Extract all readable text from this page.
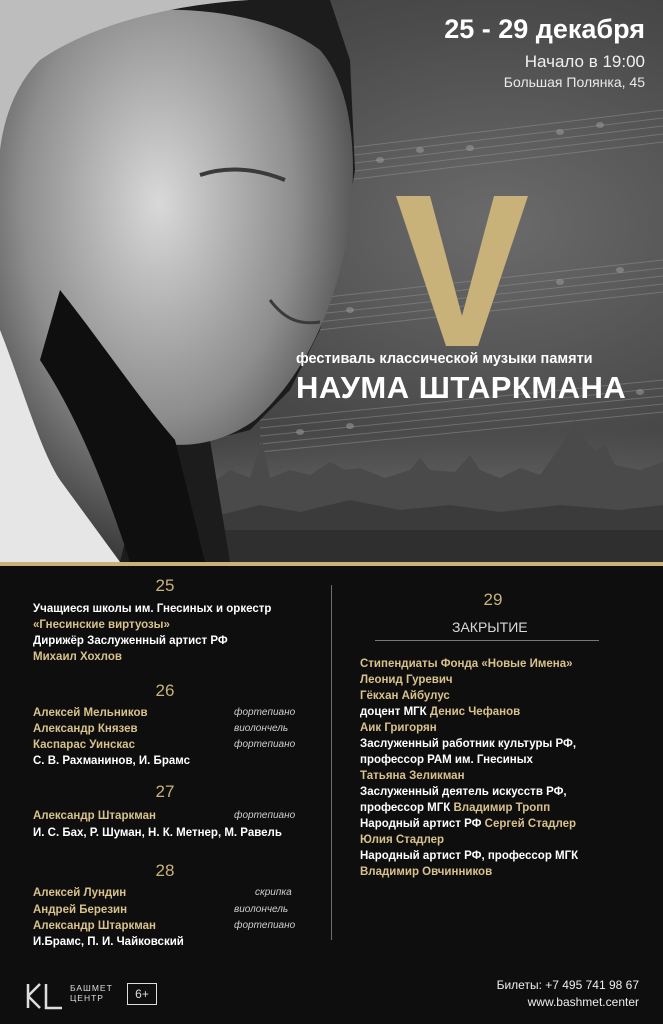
25 - 29 декабря
Начало в 19:00
Большая Полянка, 45
фестиваль классической музыки памяти
НАУМА ШТАРКМАНА
25
Учащиеся школы им. Гнесиных и оркестр
«Гнесинские виртуозы»
Дирижёр Заслуженный артист РФ
Михаил Хохлов
26
Алексей Мельников	фортепиано
Александр Князев	виолончель
Каспарас Уинскас	фортепиано
С. В. Рахманинов, И. Брамс
27
Александр Штаркман	фортепиано
И. С. Бах, Р. Шуман, Н. К. Метнер, М. Равель
28
Алексей Лундин	скрипка
Андрей Березин	виолончель
Александр Штаркман	фортепиано
И.Брамс, П. И. Чайковский
29
ЗАКРЫТИЕ
Стипендиаты Фонда «Новые Имена»
Леонид Гуревич
Гёкхан Айбулус
доцент МГК Денис Чефанов
Аик Григорян
Заслуженный работник культуры РФ,
профессор РАМ им. Гнесиных
Татьяна Зеликман
Заслуженный деятель искусств РФ,
профессор МГК Владимир Тропп
Народный артист РФ Сергей Стадлер
Юлия Стадлер
Народный артист РФ, профессор МГК
Владимир Овчинников
БАШМЕТ
ЦЕНТР	6+
Билеты: +7 495 741 98 67
www.bashmet.center
